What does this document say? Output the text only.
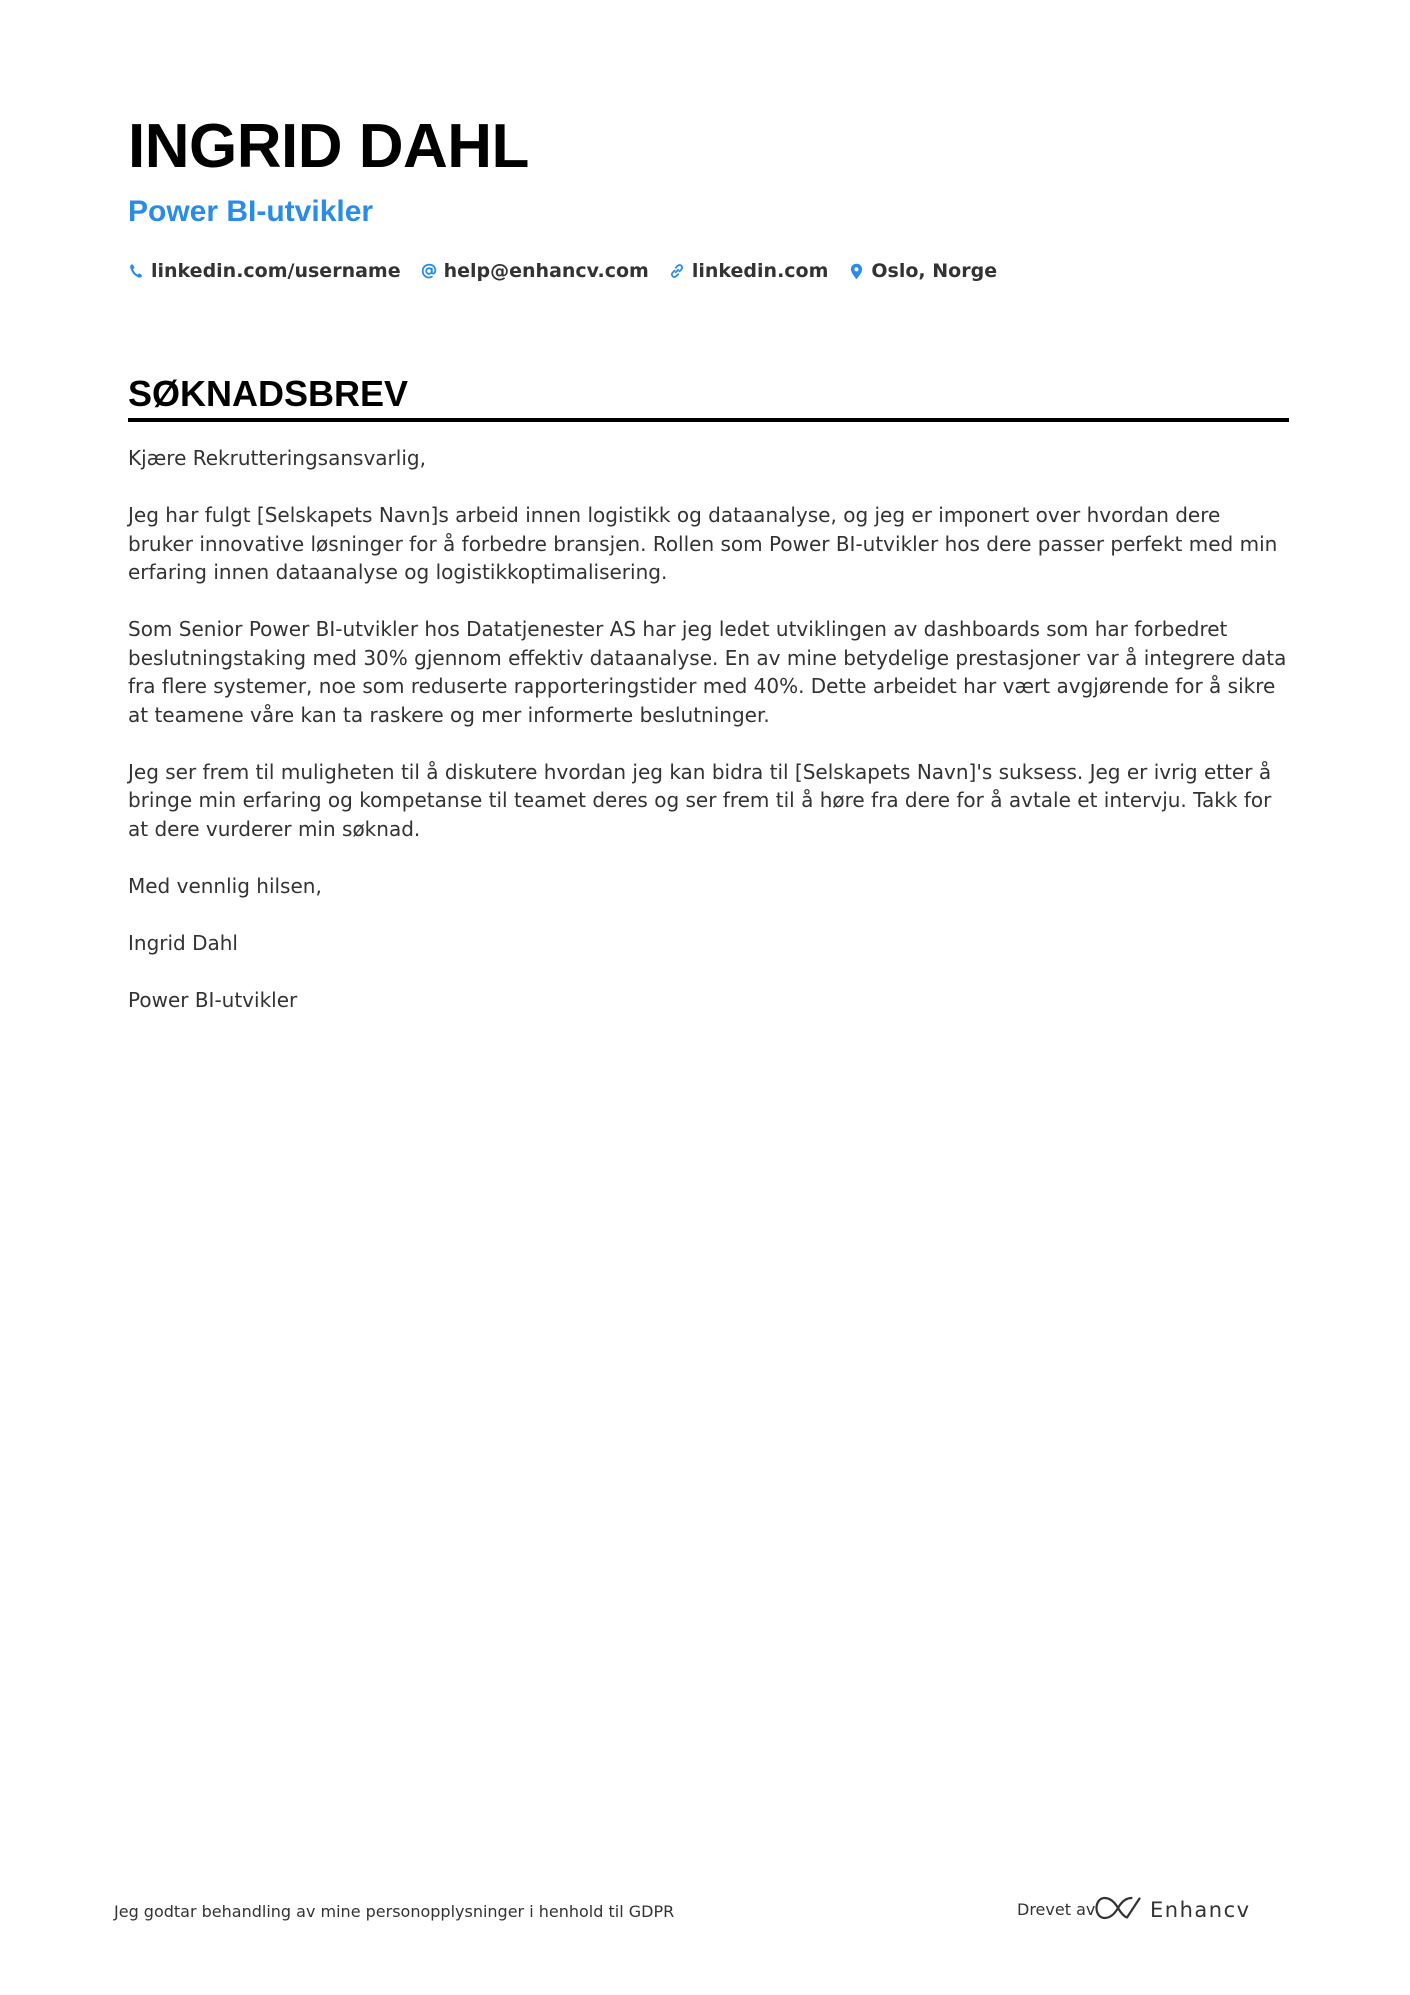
INGRID DAHL
Power BI-utvikler
linkedin.com/username help@enhancv.com linkedin.com Oslo, Norge
SØKNADSBREV

Kjære Rekrutteringsansvarlig,

Jeg har fulgt [Selskapets Navn]s arbeid innen logistikk og dataanalyse, og jeg er imponert over hvordan dere bruker innovative løsninger for å forbedre bransjen. Rollen som Power BI-utvikler hos dere passer perfekt med min erfaring innen dataanalyse og logistikkoptimalisering.

Som Senior Power BI-utvikler hos Datatjenester AS har jeg ledet utviklingen av dashboards som har forbedret beslutningstaking med 30% gjennom effektiv dataanalyse. En av mine betydelige prestasjoner var å integrere data fra flere systemer, noe som reduserte rapporteringstider med 40%. Dette arbeidet har vært avgjørende for å sikre at teamene våre kan ta raskere og mer informerte beslutninger.

Jeg ser frem til muligheten til å diskutere hvordan jeg kan bidra til [Selskapets Navn]'s suksess. Jeg er ivrig etter å bringe min erfaring og kompetanse til teamet deres og ser frem til å høre fra dere for å avtale et intervju. Takk for at dere vurderer min søknad.

Med vennlig hilsen,

Ingrid Dahl

Power BI-utvikler

Jeg godtar behandling av mine personopplysninger i henhold til GDPR	Drevet av	Enhancv
